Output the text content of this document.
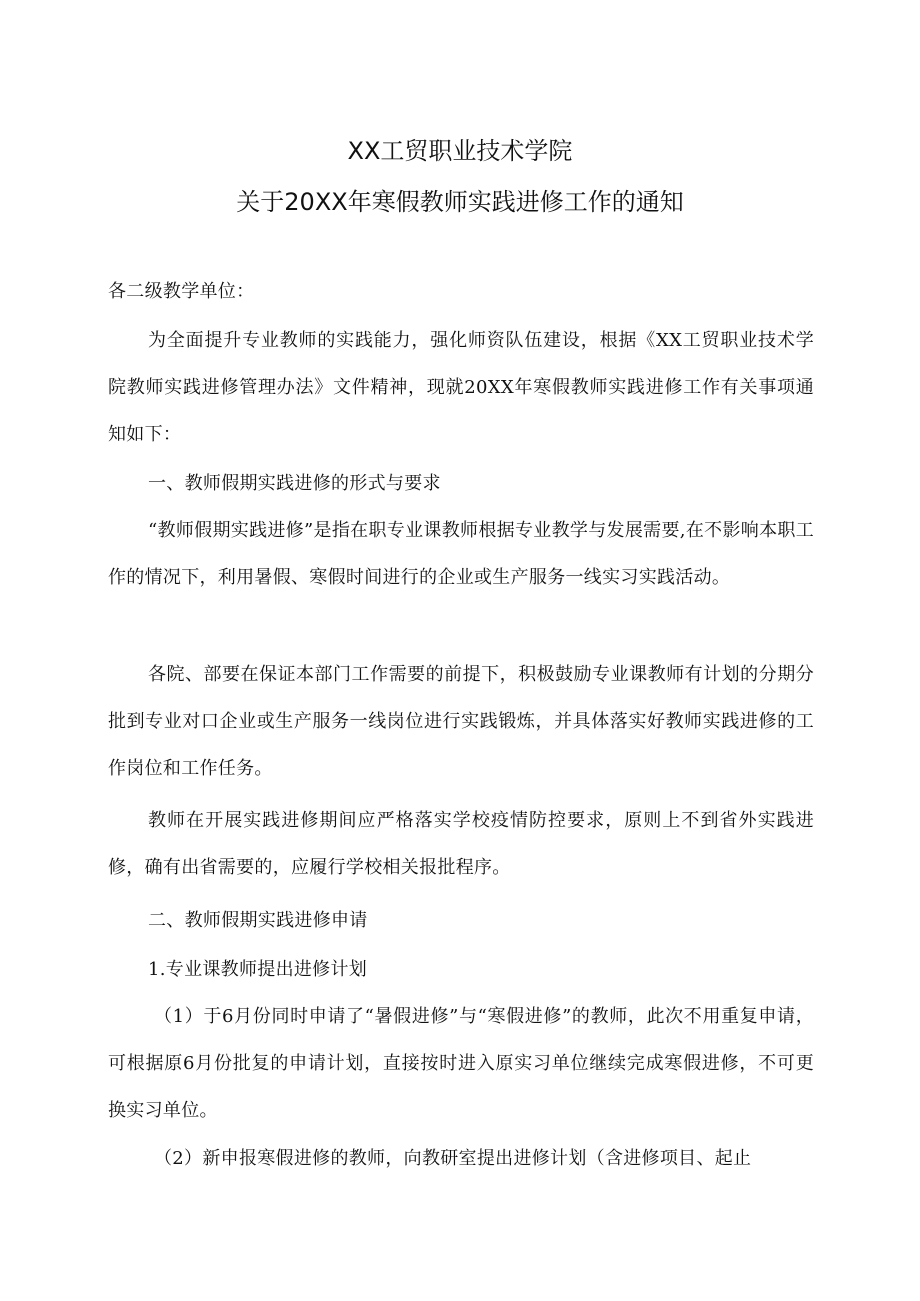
XX工贸职业技术学院
关于20XX年寒假教师实践进修工作的通知
各二级教学单位：
为全面提升专业教师的实践能力，强化师资队伍建设，根据《XX工贸职业技术学院教师实践进修管理办法》文件精神，现就20XX年寒假教师实践进修工作有关事项通知如下：
一、教师假期实践进修的形式与要求
“教师假期实践进修”是指在职专业课教师根据专业教学与发展需要,在不影响本职工作的情况下，利用暑假、寒假时间进行的企业或生产服务一线实习实践活动。
各院、部要在保证本部门工作需要的前提下，积极鼓励专业课教师有计划的分期分批到专业对口企业或生产服务一线岗位进行实践锻炼，并具体落实好教师实践进修的工作岗位和工作任务。
教师在开展实践进修期间应严格落实学校疫情防控要求，原则上不到省外实践进修，确有出省需要的，应履行学校相关报批程序。
二、教师假期实践进修申请
1.专业课教师提出进修计划
（1）于6月份同时申请了“暑假进修”与“寒假进修”的教师，此次不用重复申请，可根据原6月份批复的申请计划，直接按时进入原实习单位继续完成寒假进修，不可更换实习单位。
（2）新申报寒假进修的教师，向教研室提出进修计划（含进修项目、起止
